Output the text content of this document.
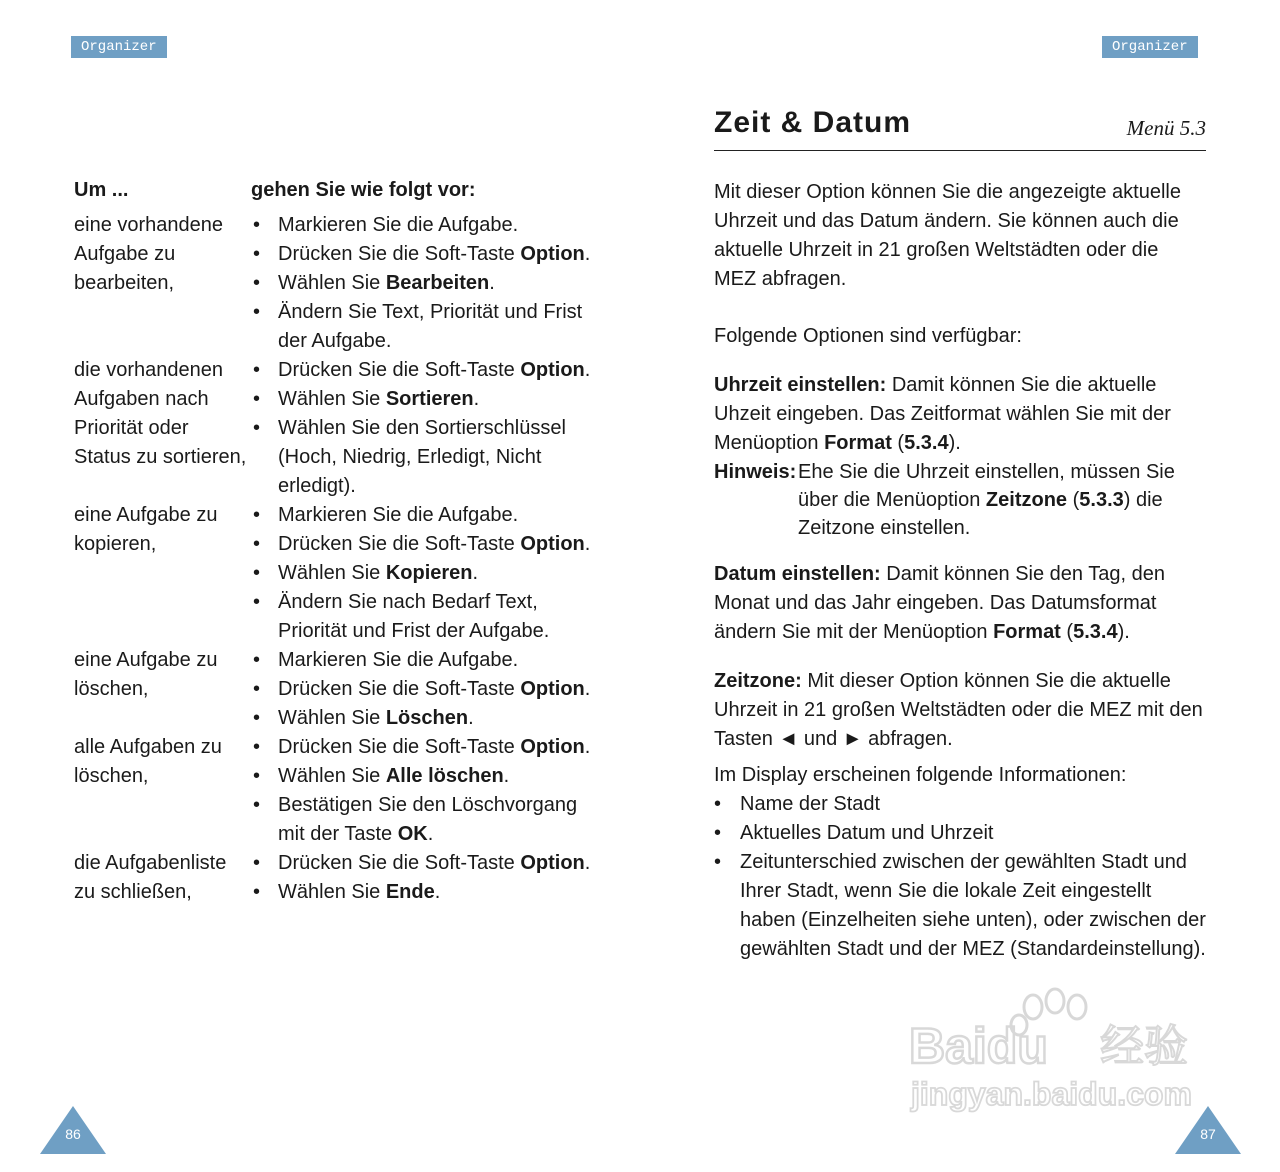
Organizer	Organizer
Um ...	gehen Sie wie folgt vor:
eine vorhandene
Aufgabe zu
bearbeiten,
• Markieren Sie die Aufgabe.
• Drücken Sie die Soft-Taste Option.
• Wählen Sie Bearbeiten.
• Ändern Sie Text, Priorität und Frist der Aufgabe.
die vorhandenen
Aufgaben nach
Priorität oder
Status zu sortieren,
• Drücken Sie die Soft-Taste Option.
• Wählen Sie Sortieren.
• Wählen Sie den Sortierschlüssel (Hoch, Niedrig, Erledigt, Nicht erledigt).
eine Aufgabe zu
kopieren,
• Markieren Sie die Aufgabe.
• Drücken Sie die Soft-Taste Option.
• Wählen Sie Kopieren.
• Ändern Sie nach Bedarf Text, Priorität und Frist der Aufgabe.
eine Aufgabe zu
löschen,
• Markieren Sie die Aufgabe.
• Drücken Sie die Soft-Taste Option.
• Wählen Sie Löschen.
alle Aufgaben zu
löschen,
• Drücken Sie die Soft-Taste Option.
• Wählen Sie Alle löschen.
• Bestätigen Sie den Löschvorgang mit der Taste OK.
die Aufgabenliste
zu schließen,
• Drücken Sie die Soft-Taste Option.
• Wählen Sie Ende.
Zeit & Datum	Menü 5.3

Mit dieser Option können Sie die angezeigte aktuelle Uhrzeit und das Datum ändern. Sie können auch die aktuelle Uhrzeit in 21 großen Weltstädten oder die MEZ abfragen.

Folgende Optionen sind verfügbar:

Uhrzeit einstellen: Damit können Sie die aktuelle Uhzeit eingeben. Das Zeitformat wählen Sie mit der Menüoption Format (5.3.4).

Hinweis: Ehe Sie die Uhrzeit einstellen, müssen Sie über die Menüoption Zeitzone (5.3.3) die Zeitzone einstellen.

Datum einstellen: Damit können Sie den Tag, den Monat und das Jahr eingeben. Das Datumsformat ändern Sie mit der Menüoption Format (5.3.4).

Zeitzone: Mit dieser Option können Sie die aktuelle Uhrzeit in 21 großen Weltstädten oder die MEZ mit den Tasten ◄ und ► abfragen.

Im Display erscheinen folgende Informationen:

• Name der Stadt
• Aktuelles Datum und Uhrzeit
• Zeitunterschied zwischen der gewählten Stadt und Ihrer Stadt, wenn Sie die lokale Zeit eingestellt haben (Einzelheiten siehe unten), oder zwischen der gewählten Stadt und der MEZ (Standardeinstellung).
Baidu 经验
jingyan.baidu.com
86	87
